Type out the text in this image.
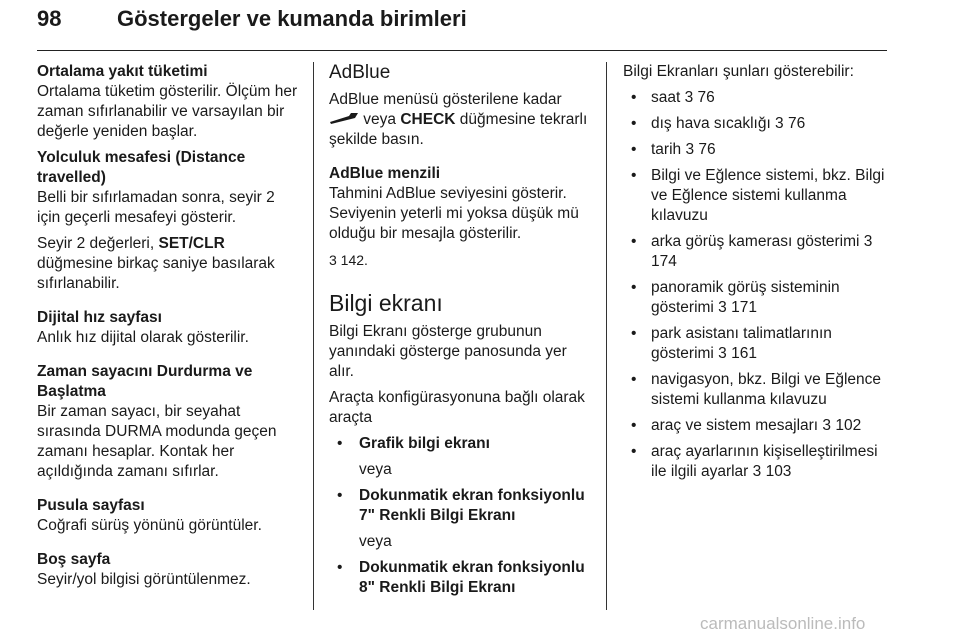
98	Göstergeler ve kumanda birimleri

Ortalama yakıt tüketimi

Ortalama tüketim gösterilir. Ölçüm her zaman sıfırlanabilir ve varsayılan bir değerle yeniden başlar.

Yolculuk mesafesi (Distance travelled)

Belli bir sıfırlamadan sonra, seyir 2 için geçerli mesafeyi gösterir.

Seyir 2 değerleri, SET/CLR düğmesine birkaç saniye basılarak sıfırlanabilir.

Dijital hız sayfası

Anlık hız dijital olarak gösterilir.

Zaman sayacını Durdurma ve Başlatma

Bir zaman sayacı, bir seyahat sırasında DURMA modunda geçen zamanı hesaplar. Kontak her açıldığında zamanı sıfırlar.

Pusula sayfası

Coğrafi sürüş yönünü görüntüler.

Boş sayfa

Seyir/yol bilgisi görüntülenmez.

AdBlue

AdBlue menüsü gösterilene kadar  veya CHECK düğmesine tekrarlı şekilde basın.

AdBlue menzili

Tahmini AdBlue seviyesini gösterir. Seviyenin yeterli mi yoksa düşük mü olduğu bir mesajla gösterilir.

3 142.

Bilgi ekranı

Bilgi Ekranı gösterge grubunun yanındaki gösterge panosunda yer alır.

Araçta konfigürasyonuna bağlı olarak araçta

• Grafik bilgi ekranı

veya

• Dokunmatik ekran fonksiyonlu 7" Renkli Bilgi Ekranı

veya

• Dokunmatik ekran fonksiyonlu 8" Renkli Bilgi Ekranı

Bilgi Ekranları şunları gösterebilir:

• saat 3 76
• dış hava sıcaklığı 3 76
• tarih 3 76
• Bilgi ve Eğlence sistemi, bkz. Bilgi ve Eğlence sistemi kullanma kılavuzu
• arka görüş kamerası gösterimi 3 174
• panoramik görüş sisteminin gösterimi 3 171
• park asistanı talimatlarının gösterimi 3 161
• navigasyon, bkz. Bilgi ve Eğlence sistemi kullanma kılavuzu
• araç ve sistem mesajları 3 102
• araç ayarlarının kişiselleştirilmesi ile ilgili ayarlar 3 103
carmanualsonline.info
